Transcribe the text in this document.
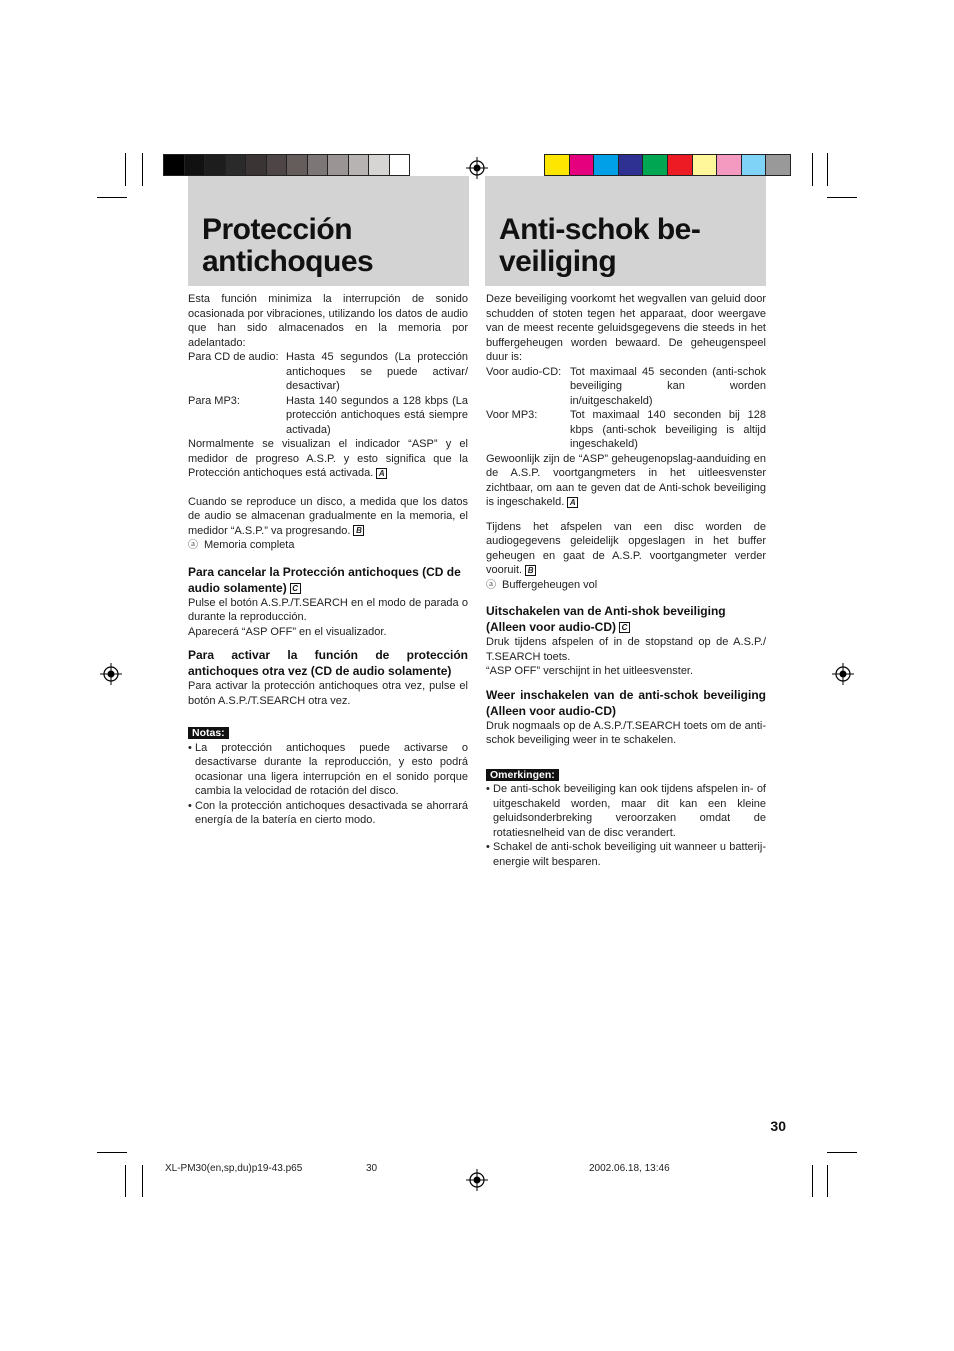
Protección
antichoques
Anti-schok be-
veiliging

Esta función minimiza la interrupción de sonido ocasionada por vibraciones, utilizando los datos de audio que han sido almacenados en la memoria por adelantado:

Para CD de audio: Hasta 45 segundos (La protección antichoques se puede activar/ desactivar)
Para MP3:	Hasta 140 segundos a 128 kbps (La protección antichoques está siempre activada)

Normalmente se visualizan el indicador “ASP” y el medidor de progreso A.S.P. y esto significa que la Protección antichoques está activada. A

Cuando se reproduce un disco, a medida que los datos de audio se almacenan gradualmente en la memoria, el medidor “A.S.P.” va progresando. B

ⓐ Memoria completa

Para cancelar la Protección antichoques (CD de audio solamente) C

Pulse el botón A.S.P./T.SEARCH en el modo de parada o durante la reproducción.

Aparecerá “ASP OFF” en el visualizador.

Para activar la función de protección antichoques otra vez (CD de audio solamente)

Para activar la protección antichoques otra vez, pulse el botón A.S.P./T.SEARCH otra vez.

Notas:
• La protección antichoques puede activarse o desactivarse durante la reproducción, y esto podrá ocasionar una ligera interrupción en el sonido porque cambia la velocidad de rotación del disco.
• Con la protección antichoques desactivada se ahorrará energía de la batería en cierto modo.

Deze beveiliging voorkomt het wegvallen van geluid door schudden of stoten tegen het apparaat, door weergave van de meest recente geluidsgegevens die steeds in het buffergeheugen worden bewaard. De geheugenspeel duur is:

Voor audio-CD: Tot maximaal 45 seconden (anti-schok beveiliging kan worden in/uitgeschakeld)
Voor MP3:	Tot maximaal 140 seconden bij 128 kbps (anti-schok beveiliging is altijd ingeschakeld)

Gewoonlijk zijn de “ASP” geheugenopslag-aanduiding en de A.S.P. voortgangmeters in het uitleesvenster zichtbaar, om aan te geven dat de Anti-schok beveiliging is ingeschakeld. A

Tijdens het afspelen van een disc worden de audiogegevens geleidelijk opgeslagen in het buffer geheugen en gaat de A.S.P. voortgangmeter verder vooruit. B

ⓐ Buffergeheugen vol

Uitschakelen van de Anti-shok beveiliging (Alleen voor audio-CD) C

Druk tijdens afspelen of in de stopstand op de A.S.P./ T.SEARCH toets.

“ASP OFF” verschijnt in het uitleesvenster.

Weer inschakelen van de anti-schok beveiliging (Alleen voor audio-CD)

Druk nogmaals op de A.S.P./T.SEARCH toets om de anti-schok beveiliging weer in te schakelen.

Omerkingen:
• De anti-schok beveiliging kan ook tijdens afspelen in- of uitgeschakeld worden, maar dit kan een kleine geluidsonderbreking veroorzaken omdat de rotatiesnelheid van de disc verandert.
• Schakel de anti-schok beveiliging uit wanneer u batterij-energie wilt besparen.
30
XL-PM30(en,sp,du)p19-43.p65	30	2002.06.18, 13:46
